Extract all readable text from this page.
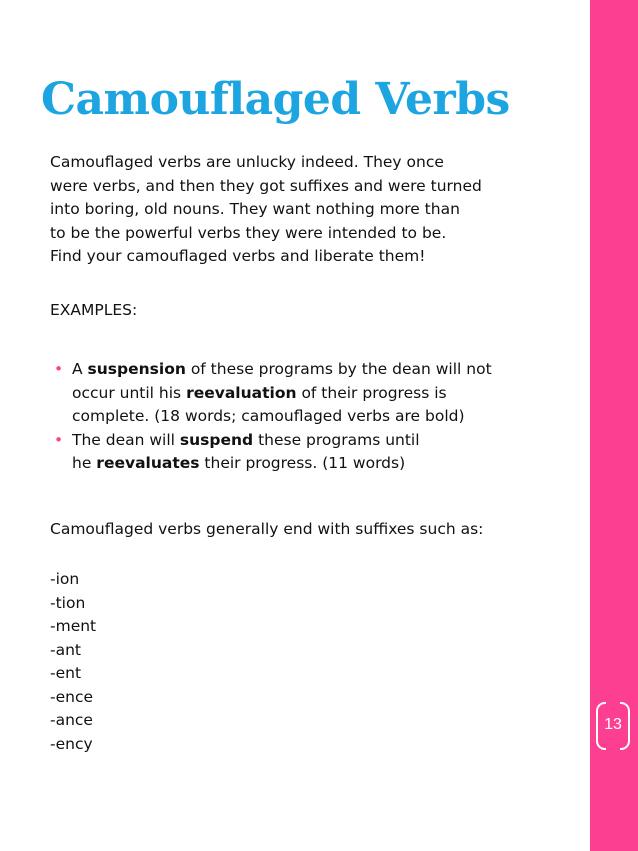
13
Camouflaged Verbs
Camouflaged verbs are unlucky indeed. They once
were verbs, and then they got suffixes and were turned
into boring, old nouns. They want nothing more than
to be the powerful verbs they were intended to be.
Find your camouflaged verbs and liberate them!
EXAMPLES:
• A suspension of these programs by the dean will not
occur until his reevaluation of their progress is
complete. (18 words; camouflaged verbs are bold)
• The dean will suspend these programs until
he reevaluates their progress. (11 words)
Camouflaged verbs generally end with suffixes such as:
-ion
-tion
-ment
-ant
-ent
-ence
-ance
-ency
